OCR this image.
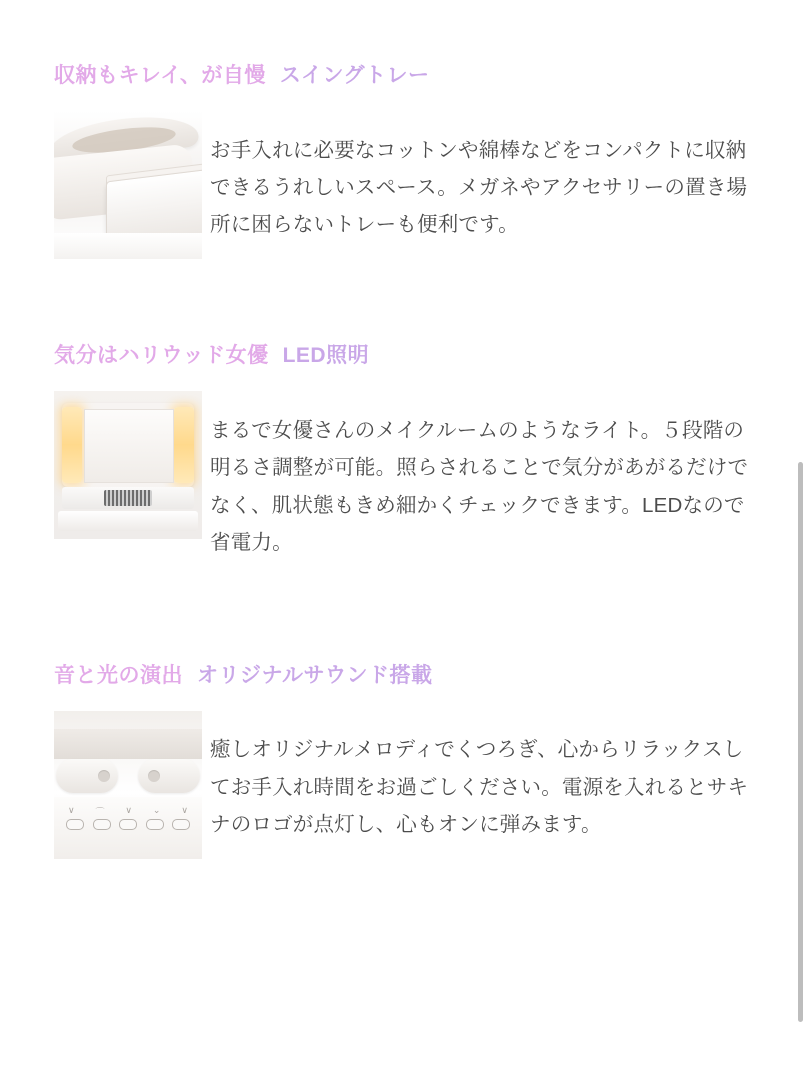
収納もキレイ、が自慢 スイングトレー

お手入れに必要なコットンや綿棒などをコンパクトに収納できるうれしいスペース。メガネやアクセサリーの置き場所に困らないトレーも便利です。

気分はハリウッド女優 LED照明

まるで女優さんのメイクルームのようなライト。５段階の明るさ調整が可能。照らされることで気分があがるだけでなく、肌状態もきめ細かくチェックできます。LEDなので省電力。

音と光の演出 オリジナルサウンド搭載
∨ ⌒ ∨ ⌄ ∨

癒しオリジナルメロディでくつろぎ、心からリラックスしてお手入れ時間をお過ごしください。電源を入れるとサキナのロゴが点灯し、心もオンに弾みます。
